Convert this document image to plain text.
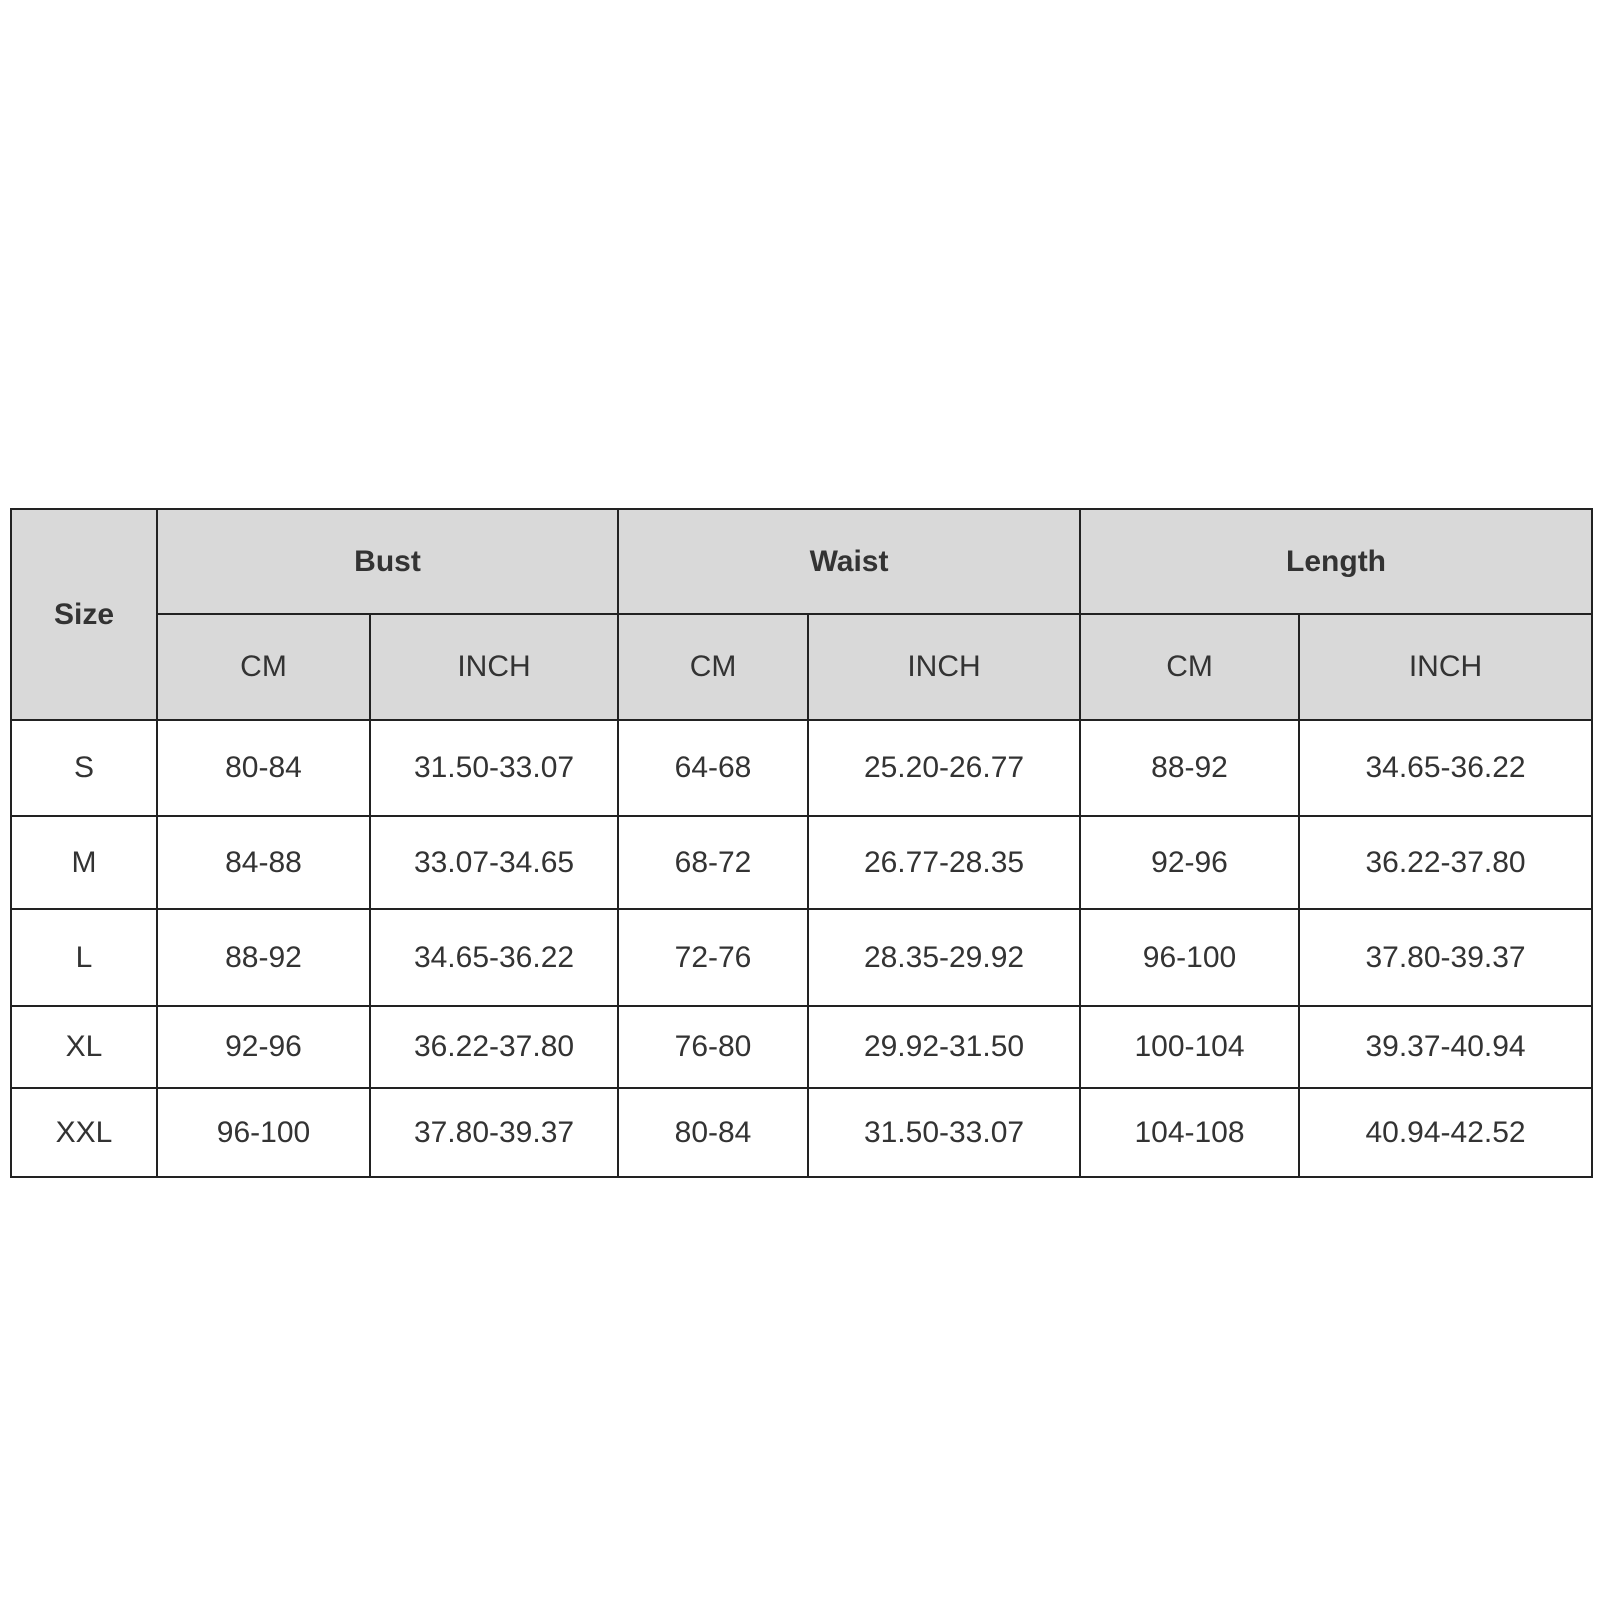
Size	Bust		Waist		Length	
	CM	INCH	CM	INCH	CM	INCH
S	80-84	31.50-33.07	64-68	25.20-26.77	88-92	34.65-36.22
M	84-88	33.07-34.65	68-72	26.77-28.35	92-96	36.22-37.80
L	88-92	34.65-36.22	72-76	28.35-29.92	96-100	37.80-39.37
XL	92-96	36.22-37.80	76-80	29.92-31.50	100-104	39.37-40.94
XXL	96-100	37.80-39.37	80-84	31.50-33.07	104-108	40.94-42.52
